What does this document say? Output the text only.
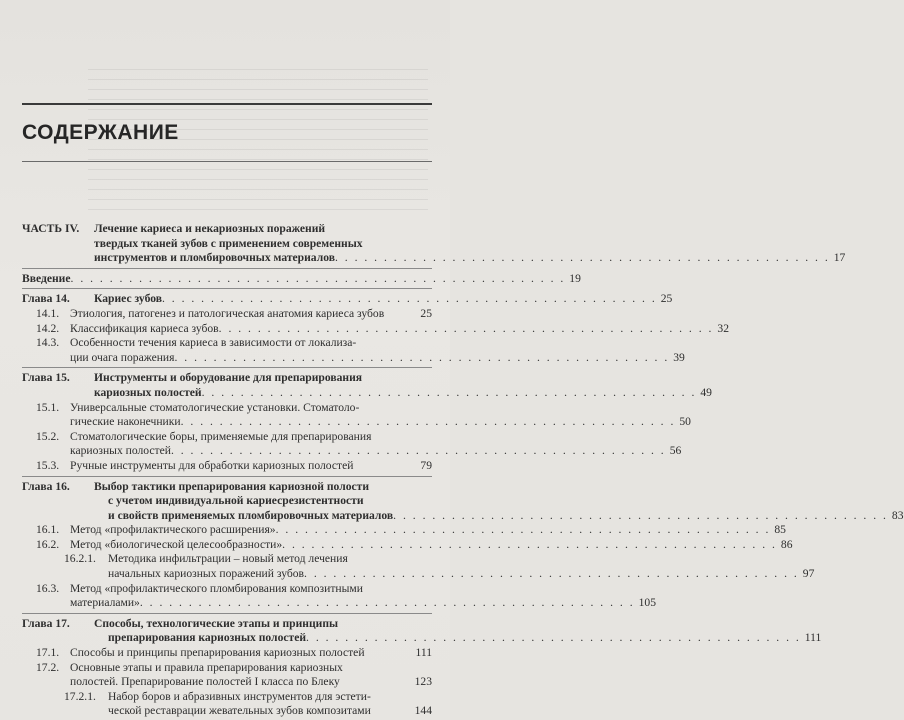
СОДЕРЖАНИЕ
ЧАСТЬ IV.	Лечение кариеса и некариозных поражений
твердых тканей зубов с применением современных
инструментов и пломбировочных материалов . . .	17
Введение . . .	19
Глава 14.	Кариес зубов . . .	25
14.1. Этиология, патогенез и патологическая анатомия кариеса зубов	25
14.2. Классификация кариеса зубов . . .	32
14.3. Особенности течения кариеса в зависимости от локализа-
ции очага поражения . . .	39
Глава 15.	Инструменты и оборудование для препарирования
кариозных полостей . . .	49
15.1. Универсальные стоматологические установки. Стоматоло-
гические наконечники . . .	50
15.2. Стоматологические боры, применяемые для препарирования
кариозных полостей . . .	56
15.3. Ручные инструменты для обработки кариозных полостей	79
Глава 16.	Выбор тактики препарирования кариозной полости
с учетом индивидуальной кариесрезистентности
и свойств применяемых пломбировочных материалов . . .	83
16.1. Метод «профилактического расширения» . . .	85
16.2. Метод «биологической целесообразности» . . .	86
16.2.1.	Методика инфильтрации – новый метод лечения
начальных кариозных поражений зубов . . .	97
16.3. Метод «профилактического пломбирования композитными
материалами» . . .	105
Глава 17.	Способы, технологические этапы и принципы
препарирования кариозных полостей . . .	111
17.1. Способы и принципы препарирования кариозных полостей	111
17.2. Основные этапы и правила препарирования кариозных
полостей. Препарирование полостей I класса по Блеку	123
17.2.1.	Набор боров и абразивных инструментов для эстети-
ческой реставрации жевательных зубов композитами	144
